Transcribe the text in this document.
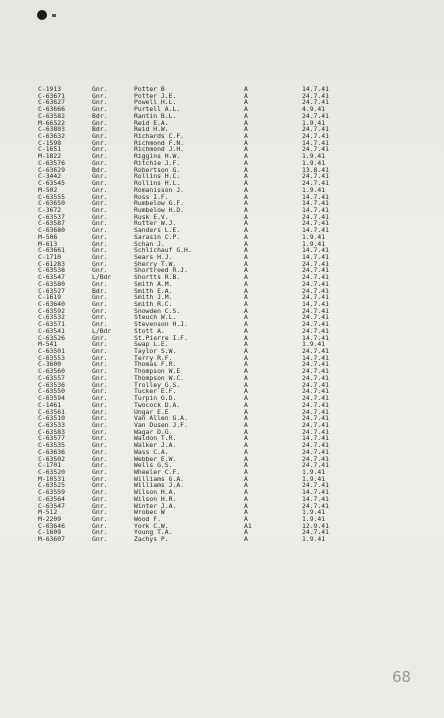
C-1913	Gnr.	Potter B	A	14.7.41
C-63671	Gnr.	Potter J.E.	A	24.7.41
C-63627	Gnr.	Powell H.L.	A	24.7.41
C-63666	Gnr.	Purtell A.L.	A	4.9.41
C-63582	Bdr.	Rantin B.L.	A	24.7.41
M-66522	Gnr.	Reid E.A.	A	1.9.41
C-63803	Bdr.	Reid H.W.	A	24.7.41
C-63632	Gnr.	Richards C.F.	A	24.7.41
C-1598	Gnr.	Richmond F.N.	A	14.7.41
C-1651	Gnr.	Richmond J.H.	A	24.7.41
M-1822	Gnr.	Riggins H.W.	A	1.9.41
C-63576	Gnr.	Ritchie J.F.	A	1.9.41
C-63629	Bdr.	Robertson G.	A	13.8.41
C-3442	Gnr.	Rollins H.C.	A	24.7.41
C-63545	Gnr.	Rollins H.L.	A	24.7.41
M-502	Gnr.	Romanisson J.	A	1.9.41
C-63555	Gnr.	Ross I.F.	A	14.7.41
C-63650	Gnr.	Rumbelow G.F.	A	14.7.41
C-3672	Gnr.	Rumbelow H.D.	A	14.7.41
C-63537	Gnr.	Rusk E.V.	A	24.7.41
C-63587	Gnr.	Rutter W.J.	A	24.7.41
C-63680	Gnr.	Sanders L.E.	A	14.7.41
M-506	Gnr.	Sarasin C.P.	A	1.9.41
M-613	Gnr.	Schan J.	A	1.9.41
C-63661	Gnr.	Schlichauf G.H.	A	14.7.41
C-1710	Gnr.	Sears H.J.	A	14.7.41
C-61283	Gnr.	Sherry T.W.	A	24.7.41
C-63538	Gnr.	Shortreed R.J.	A	24.7.41
C-63547	L/Bdr	Shortts R.B.	A	24.7.41
C-63580	Gnr.	Smith A.M.	A	24.7.41
C-63527	Bdr.	Smith E.A.	A	24.7.41
C-1619	Gnr.	Smith J.M.	A	24.7.41
C-63640	Gnr.	Smith R.C.	A	14.7.41
C-63592	Gnr.	Snowden C.S.	A	24.7.41
C-63532	Gnr.	Steuch W.L.	A	24.7.41
C-63571	Gnr.	Stevenson H.J.	A	24.7.41
C-63541	L/Bdr	Stott A.	A	24.7.41
C-63526	Gnr.	St.Pierre I.F.	A	14.7.41
M-541	Gnr.	Swap L.E.	A	1.9.41
C-63501	Gnr.	Taylor S.W.	A	24.7.41
C-63553	Gnr.	Terry R.F.	A	14.7.41
C-3600	Gnr.	Thomas F.R.	A	24.7.41
C-63560	Gnr.	Thompson W.E	A	24.7.41
C-63557	Gnr.	Thompson W.C.	A	24.7.41
C-63536	Gnr.	Trolley G.S.	A	24.7.41
C-63550	Gnr.	Tucker E.F.	A	24.7.41
C-63594	Gnr.	Turpin G.D.	A	24.7.41
C-1461	Gnr.	Twocock D.A.	A	24.7.41
C-63561	Gnr.	Ungar E.E	A	24.7.41
C-63510	Gnr.	Van Allen G.A.	A	24.7.41
C-63533	Gnr.	Van Dusen J.F.	A	24.7.41
C-63583	Gnr.	Wagar D.G.	A	24.7.41
C-63577	Gnr.	Waldon T.R.	A	14.7.41
C-63535	Gnr.	Walker J.A.	A	24.7.41
C-63636	Gnr.	Wass C.A.	A	24.7.41
C-63502	Gnr.	Webber E.W.	A	24.7.41
C-1701	Gnr.	Wells G.S.	A	24.7.41
C-63520	Gnr.	Wheeler C.F.	A	1.9.41
M-10531	Gnr.	Williams G.A.	A	1.9.41
C-63525	Gnr.	Williams J.A.	A	24.7.41
C-63559	Gnr.	Wilson H.A.	A	14.7.41
C-63564	Gnr.	Wilson H.R.	A	14.7.41
C-63547	Gnr.	Winter J.A.	A	24.7.41
M-512	Gnr.	Wrobec W	A	1.9.41
M-2209	Gnr.	Wood F.	A	1.9.41
C-63646	Gnr.	York C.W.	A1	12.9.41
C-1609	Gnr.	Young T.A.	A	24.7.41
M-63607	Gnr.	Zachys P.	A	1.9.41
68
